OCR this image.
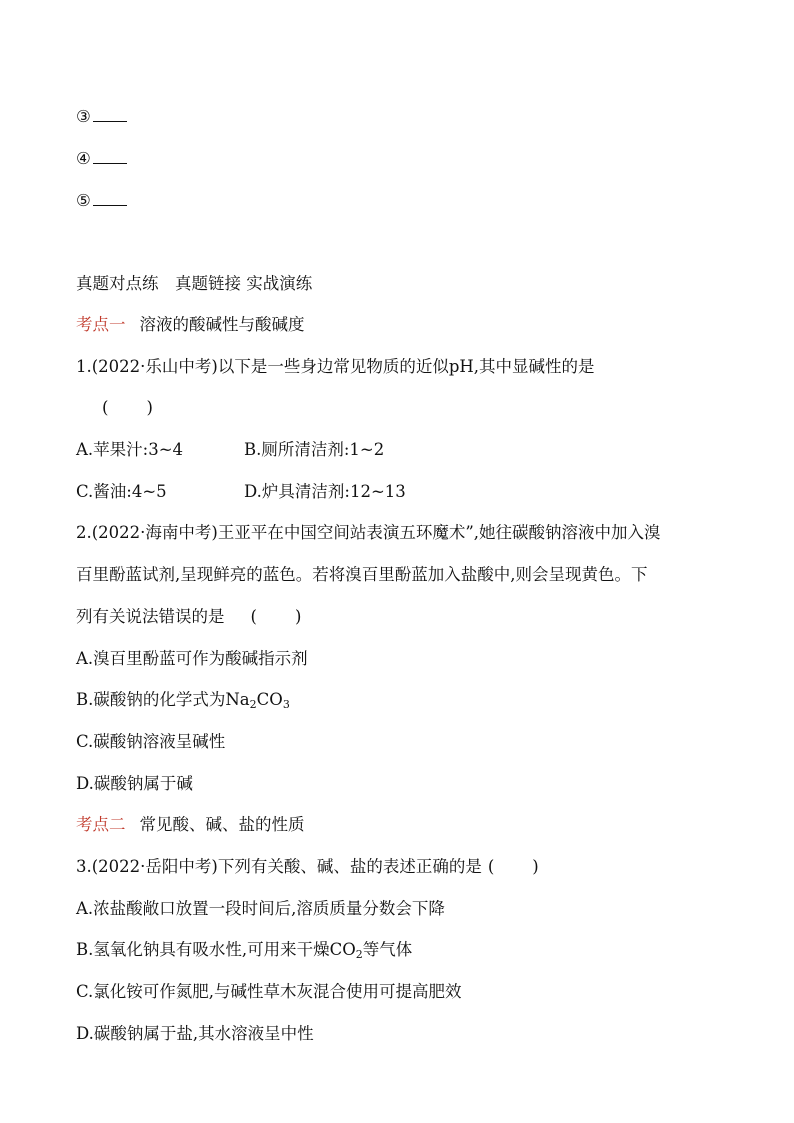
③
④
⑤
真题对点练　真题链接 实战演练
考点一 溶液的酸碱性与酸碱度
1.(2022·乐山中考)以下是一些身边常见物质的近似pH,其中显碱性的是
( )
A.苹果汁:3~4	B.厕所清洁剂:1~2
C.酱油:4~5	D.炉具清洁剂:12~13
2.(2022·海南中考)王亚平在中国空间站表演五环魔术”,她往碳酸钠溶液中加入溴
百里酚蓝试剂,呈现鲜亮的蓝色。若将溴百里酚蓝加入盐酸中,则会呈现黄色。下
列有关说法错误的是 ( )
A.溴百里酚蓝可作为酸碱指示剂
B.碳酸钠的化学式为$Na_2CO_3$
C.碳酸钠溶液呈碱性
D.碳酸钠属于碱
考点二 常见酸、碱、盐的性质
3.(2022·岳阳中考)下列有关酸、碱、盐的表述正确的是 ( )
A.浓盐酸敞口放置一段时间后,溶质质量分数会下降
B.氢氧化钠具有吸水性,可用来干燥$CO_2$等气体
C.氯化铵可作氮肥,与碱性草木灰混合使用可提高肥效
D.碳酸钠属于盐,其水溶液呈中性
